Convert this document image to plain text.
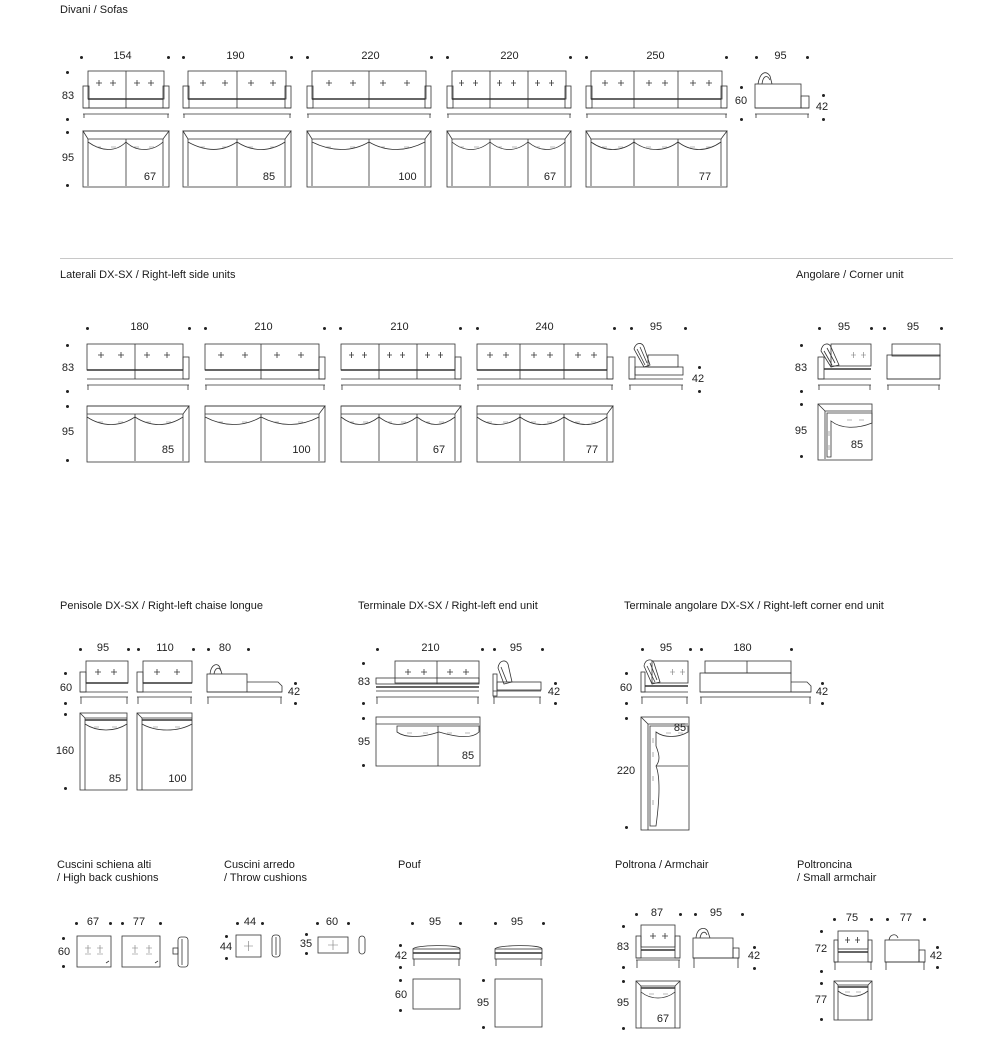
Divani / Sofas
154	190	220	220	250	95
83
95
60	42
67	85	100	67	77
Laterali DX-SX / Right-left side units	Angolare / Corner unit
180	210	210	240	95
83
95
42
85	100	67	77
95	95
83
95
85
Penisole DX-SX / Right-left chaise longue
95	110	80
60
160
42
85	100
Terminale DX-SX / Right-left end unit
210	95
83
95
42
85
Terminale angolare DX-SX / Right-left corner end unit
95	180
60
220
42
85
Cuscini schiena alti
/ High back cushions
67	77
60
Cuscini arredo
/ Throw cushions
44	60
44	35
Pouf
95	95
42
60
95
Poltrona / Armchair
87	95
83
95
42
67
Poltroncina
/ Small armchair
75	77
72
77
42
